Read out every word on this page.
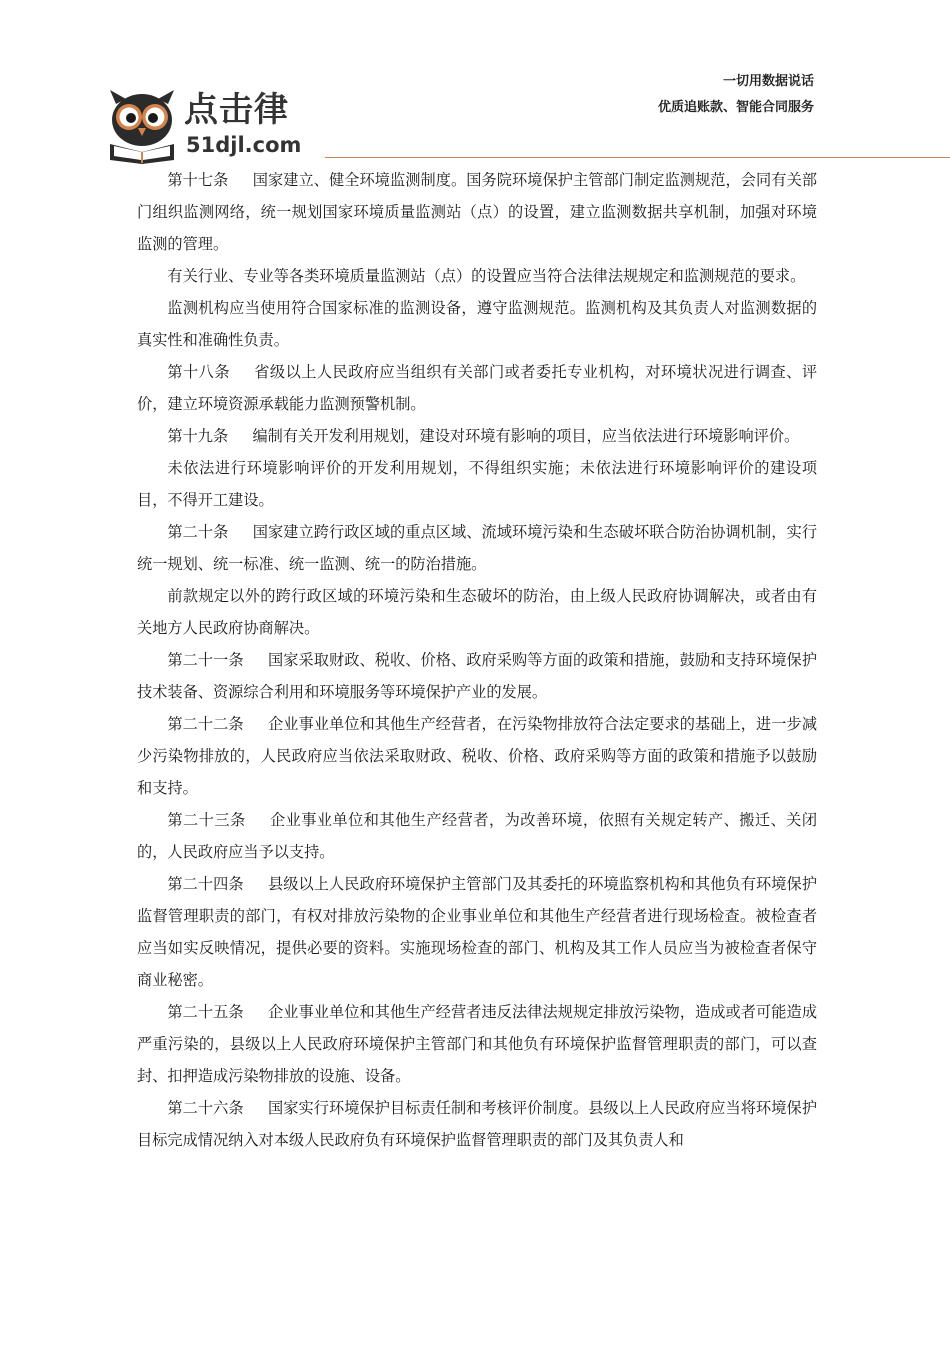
点击律
51djl.com
一切用数据说话
优质追账款、智能合同服务

第十七条 国家建立、健全环境监测制度。国务院环境保护主管部门制定监测规范，会同有关部门组织监测网络，统一规划国家环境质量监测站（点）的设置，建立监测数据共享机制，加强对环境监测的管理。

有关行业、专业等各类环境质量监测站（点）的设置应当符合法律法规规定和监测规范的要求。

监测机构应当使用符合国家标准的监测设备，遵守监测规范。监测机构及其负责人对监测数据的真实性和准确性负责。

第十八条 省级以上人民政府应当组织有关部门或者委托专业机构，对环境状况进行调查、评价，建立环境资源承载能力监测预警机制。

第十九条 编制有关开发利用规划，建设对环境有影响的项目，应当依法进行环境影响评价。

未依法进行环境影响评价的开发利用规划，不得组织实施；未依法进行环境影响评价的建设项目，不得开工建设。

第二十条 国家建立跨行政区域的重点区域、流域环境污染和生态破坏联合防治协调机制，实行统一规划、统一标准、统一监测、统一的防治措施。

前款规定以外的跨行政区域的环境污染和生态破坏的防治，由上级人民政府协调解决，或者由有关地方人民政府协商解决。

第二十一条 国家采取财政、税收、价格、政府采购等方面的政策和措施，鼓励和支持环境保护技术装备、资源综合利用和环境服务等环境保护产业的发展。

第二十二条 企业事业单位和其他生产经营者，在污染物排放符合法定要求的基础上，进一步减少污染物排放的，人民政府应当依法采取财政、税收、价格、政府采购等方面的政策和措施予以鼓励和支持。

第二十三条 企业事业单位和其他生产经营者，为改善环境，依照有关规定转产、搬迁、关闭的，人民政府应当予以支持。

第二十四条 县级以上人民政府环境保护主管部门及其委托的环境监察机构和其他负有环境保护监督管理职责的部门，有权对排放污染物的企业事业单位和其他生产经营者进行现场检查。被检查者应当如实反映情况，提供必要的资料。实施现场检查的部门、机构及其工作人员应当为被检查者保守商业秘密。

第二十五条 企业事业单位和其他生产经营者违反法律法规规定排放污染物，造成或者可能造成严重污染的，县级以上人民政府环境保护主管部门和其他负有环境保护监督管理职责的部门，可以查封、扣押造成污染物排放的设施、设备。

第二十六条 国家实行环境保护目标责任制和考核评价制度。县级以上人民政府应当将环境保护目标完成情况纳入对本级人民政府负有环境保护监督管理职责的部门及其负责人和
